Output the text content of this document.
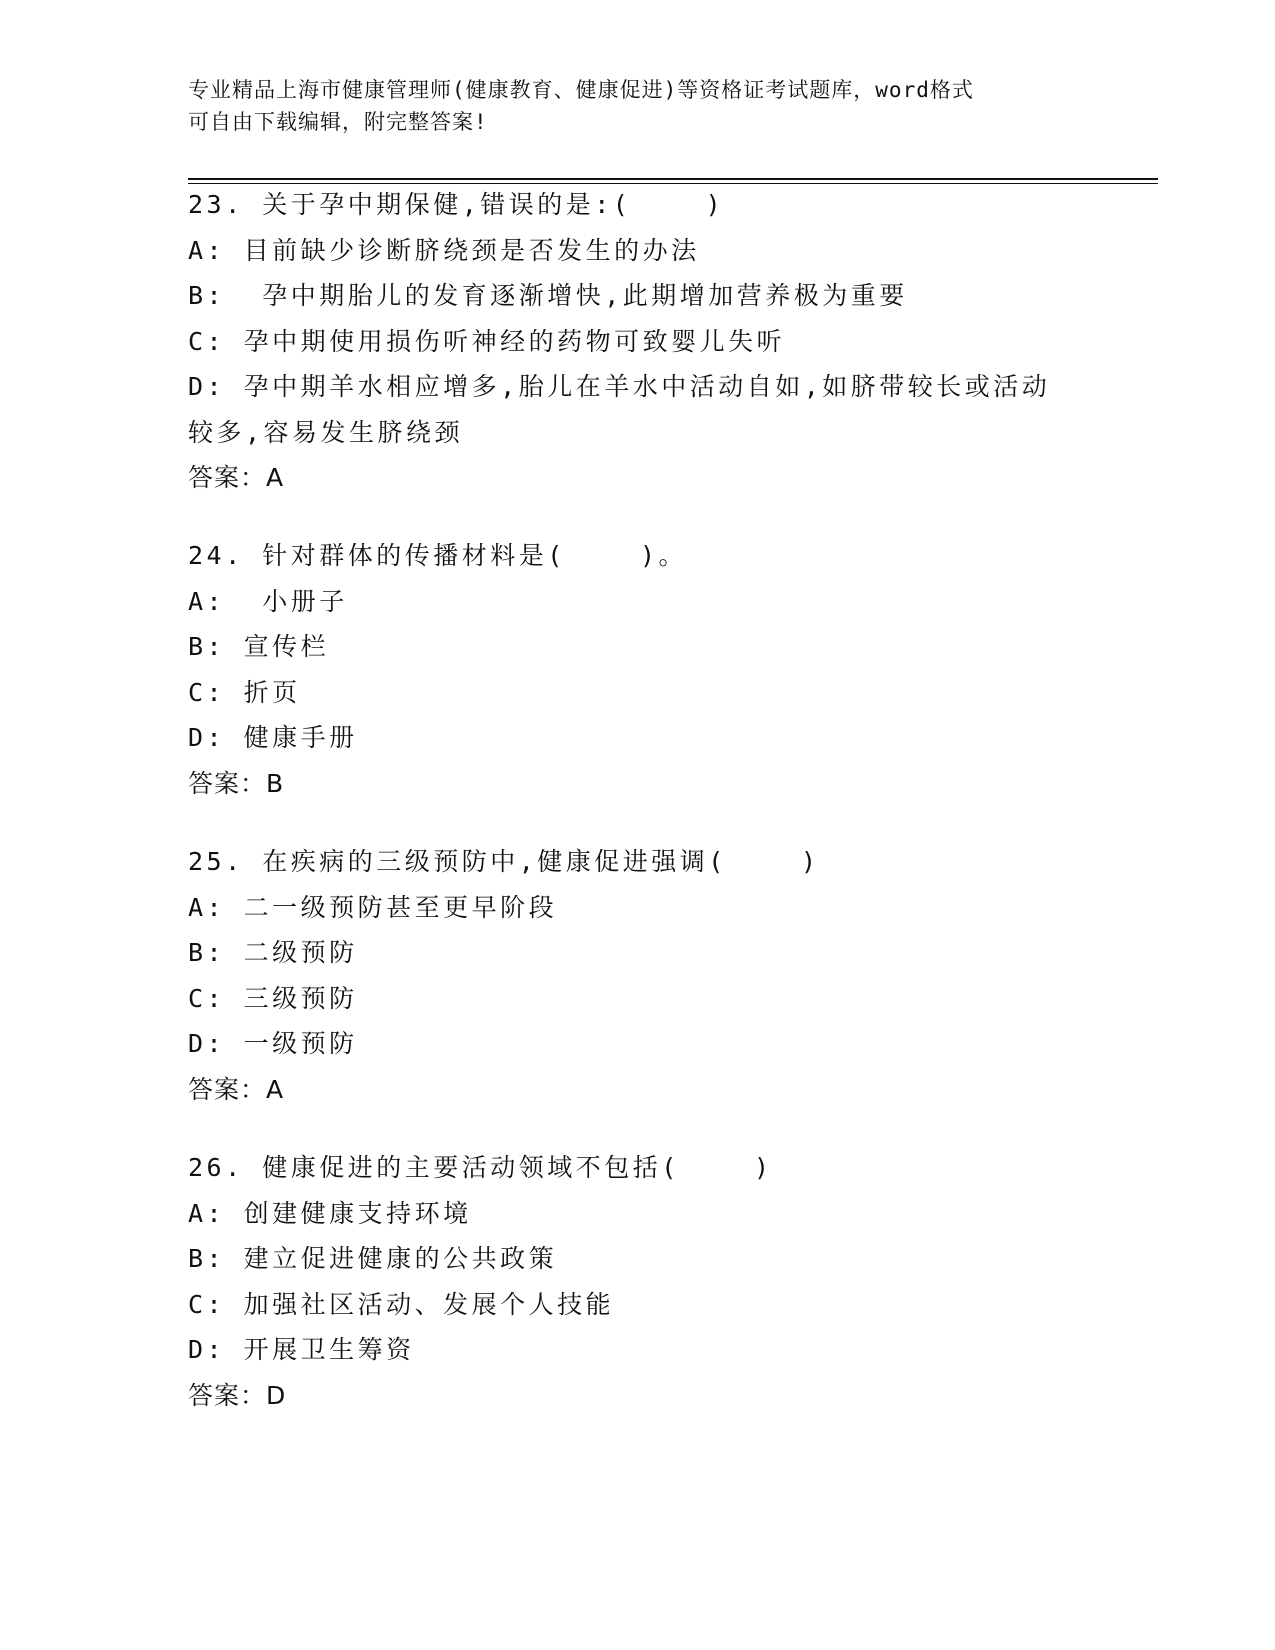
专业精品上海市健康管理师(健康教育、健康促进)等资格证考试题库，word格式
可自由下载编辑，附完整答案!
23. 关于孕中期保健,错误的是:(    )
A: 目前缺少诊断脐绕颈是否发生的办法
B:  孕中期胎儿的发育逐渐增快,此期增加营养极为重要
C: 孕中期使用损伤听神经的药物可致婴儿失听
D: 孕中期羊水相应增多,胎儿在羊水中活动自如,如脐带较长或活动较多,容易发生脐绕颈
答案：A
24. 针对群体的传播材料是(    )。
A:  小册子
B: 宣传栏
C: 折页
D: 健康手册
答案：B
25. 在疾病的三级预防中,健康促进强调(    )
A: 二一级预防甚至更早阶段
B: 二级预防
C: 三级预防
D: 一级预防
答案：A
26. 健康促进的主要活动领域不包括(    )
A: 创建健康支持环境
B: 建立促进健康的公共政策
C: 加强社区活动、发展个人技能
D: 开展卫生筹资
答案：D
